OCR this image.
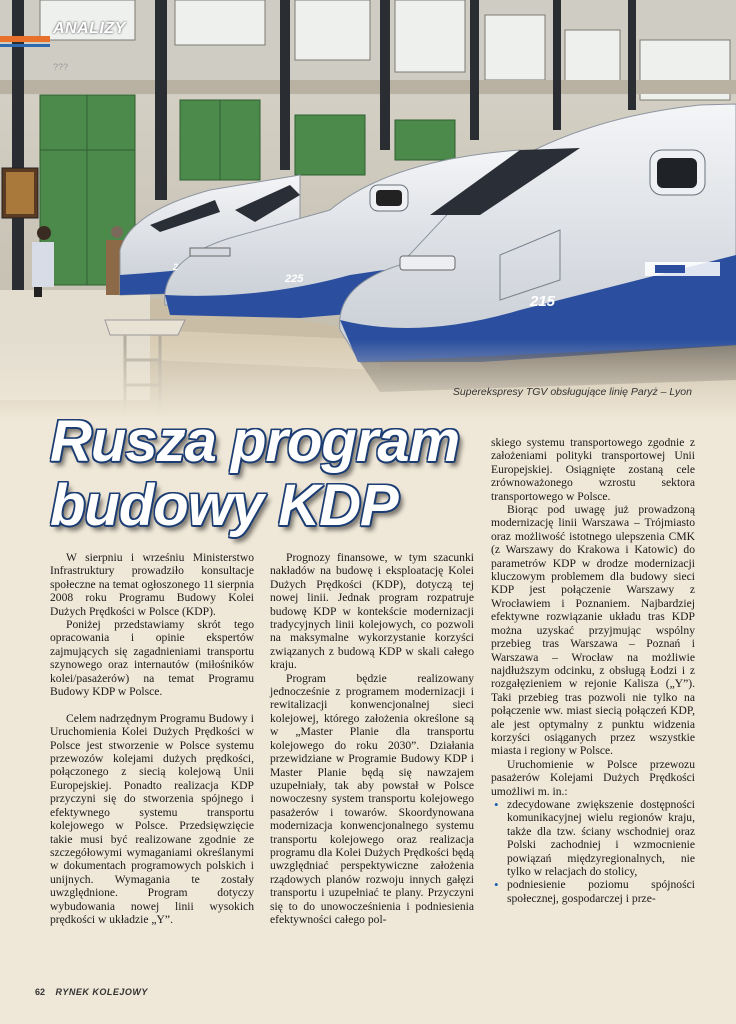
225
2
215
ANALIZY
???
Superekspresy TGV obsługujące linię Paryż – Lyon
Rusza program
budowy KDP

W sierpniu i wrześniu Ministerstwo Infrastruktury prowadziło konsultacje społeczne na temat ogłoszonego 11 sierpnia 2008 roku Programu Budowy Kolei Dużych Prędkości w Polsce (KDP).

Poniżej przedstawiamy skrót tego opracowania i opinie ekspertów zajmujących się zagadnieniami transportu szynowego oraz internautów (miłośników kolei/pasażerów) na temat Programu Budowy KDP w Polsce.

Celem nadrzędnym Programu Budowy i Uruchomienia Kolei Dużych Prędkości w Polsce jest stworzenie w Polsce systemu przewozów kolejami dużych prędkości, połączonego z siecią kolejową Unii Europejskiej. Ponadto realizacja KDP przyczyni się do stworzenia spójnego i efektywnego systemu transportu kolejowego w Polsce. Przedsięwzięcie takie musi być realizowane zgodnie ze szczegółowymi wymaganiami określanymi w dokumentach programowych polskich i unijnych. Wymagania te zostały uwzględnione. Program dotyczy wybudowania nowej linii wysokich prędkości w układzie „Y”.

Prognozy finansowe, w tym szacunki nakładów na budowę i eksploatację Kolei Dużych Prędkości (KDP), dotyczą tej nowej linii. Jednak program rozpatruje budowę KDP w kontekście modernizacji tradycyjnych linii kolejowych, co pozwoli na maksymalne wykorzystanie korzyści związanych z budową KDP w skali całego kraju.

Program będzie realizowany jednocześnie z programem modernizacji i rewitalizacji konwencjonalnej sieci kolejowej, którego założenia określone są w „Master Planie dla transportu kolejowego do roku 2030”. Działania przewidziane w Programie Budowy KDP i Master Planie będą się nawzajem uzupełniały, tak aby powstał w Polsce nowoczesny system transportu kolejowego pasażerów i towarów. Skoordynowana modernizacja konwencjonalnego systemu transportu kolejowego oraz realizacja programu dla Kolei Dużych Prędkości będą uwzględniać perspektywiczne założenia rządowych planów rozwoju innych gałęzi transportu i uzupełniać te plany. Przyczyni się to do unowocześnienia i podniesienia efektywności całego pol-

skiego systemu transportowego zgodnie z założeniami polityki transportowej Unii Europejskiej. Osiągnięte zostaną cele zrównoważonego wzrostu sektora transportowego w Polsce.

Biorąc pod uwagę już prowadzoną modernizację linii Warszawa – Trójmiasto oraz możliwość istotnego ulepszenia CMK (z Warszawy do Krakowa i Katowic) do parametrów KDP w drodze modernizacji kluczowym problemem dla budowy sieci KDP jest połączenie Warszawy z Wrocławiem i Poznaniem. Najbardziej efektywne rozwiązanie układu tras KDP można uzyskać przyjmując wspólny przebieg tras Warszawa – Poznań i Warszawa – Wrocław na możliwie najdłuższym odcinku, z obsługą Łodzi i z rozgałęzieniem w rejonie Kalisza („Y”). Taki przebieg tras pozwoli nie tylko na połączenie ww. miast siecią połączeń KDP, ale jest optymalny z punktu widzenia korzyści osiąganych przez wszystkie miasta i regiony w Polsce.

Uruchomienie w Polsce przewozu pasażerów Kolejami Dużych Prędkości umożliwi m. in.:

• zdecydowane zwiększenie dostępności komunikacyjnej wielu regionów kraju, także dla tzw. ściany wschodniej oraz Polski zachodniej i wzmocnienie powiązań międzyregionalnych, nie tylko w relacjach do stolicy,
• podniesienie poziomu spójności społecznej, gospodarczej i prze-
62 RYNEK KOLEJOWY
